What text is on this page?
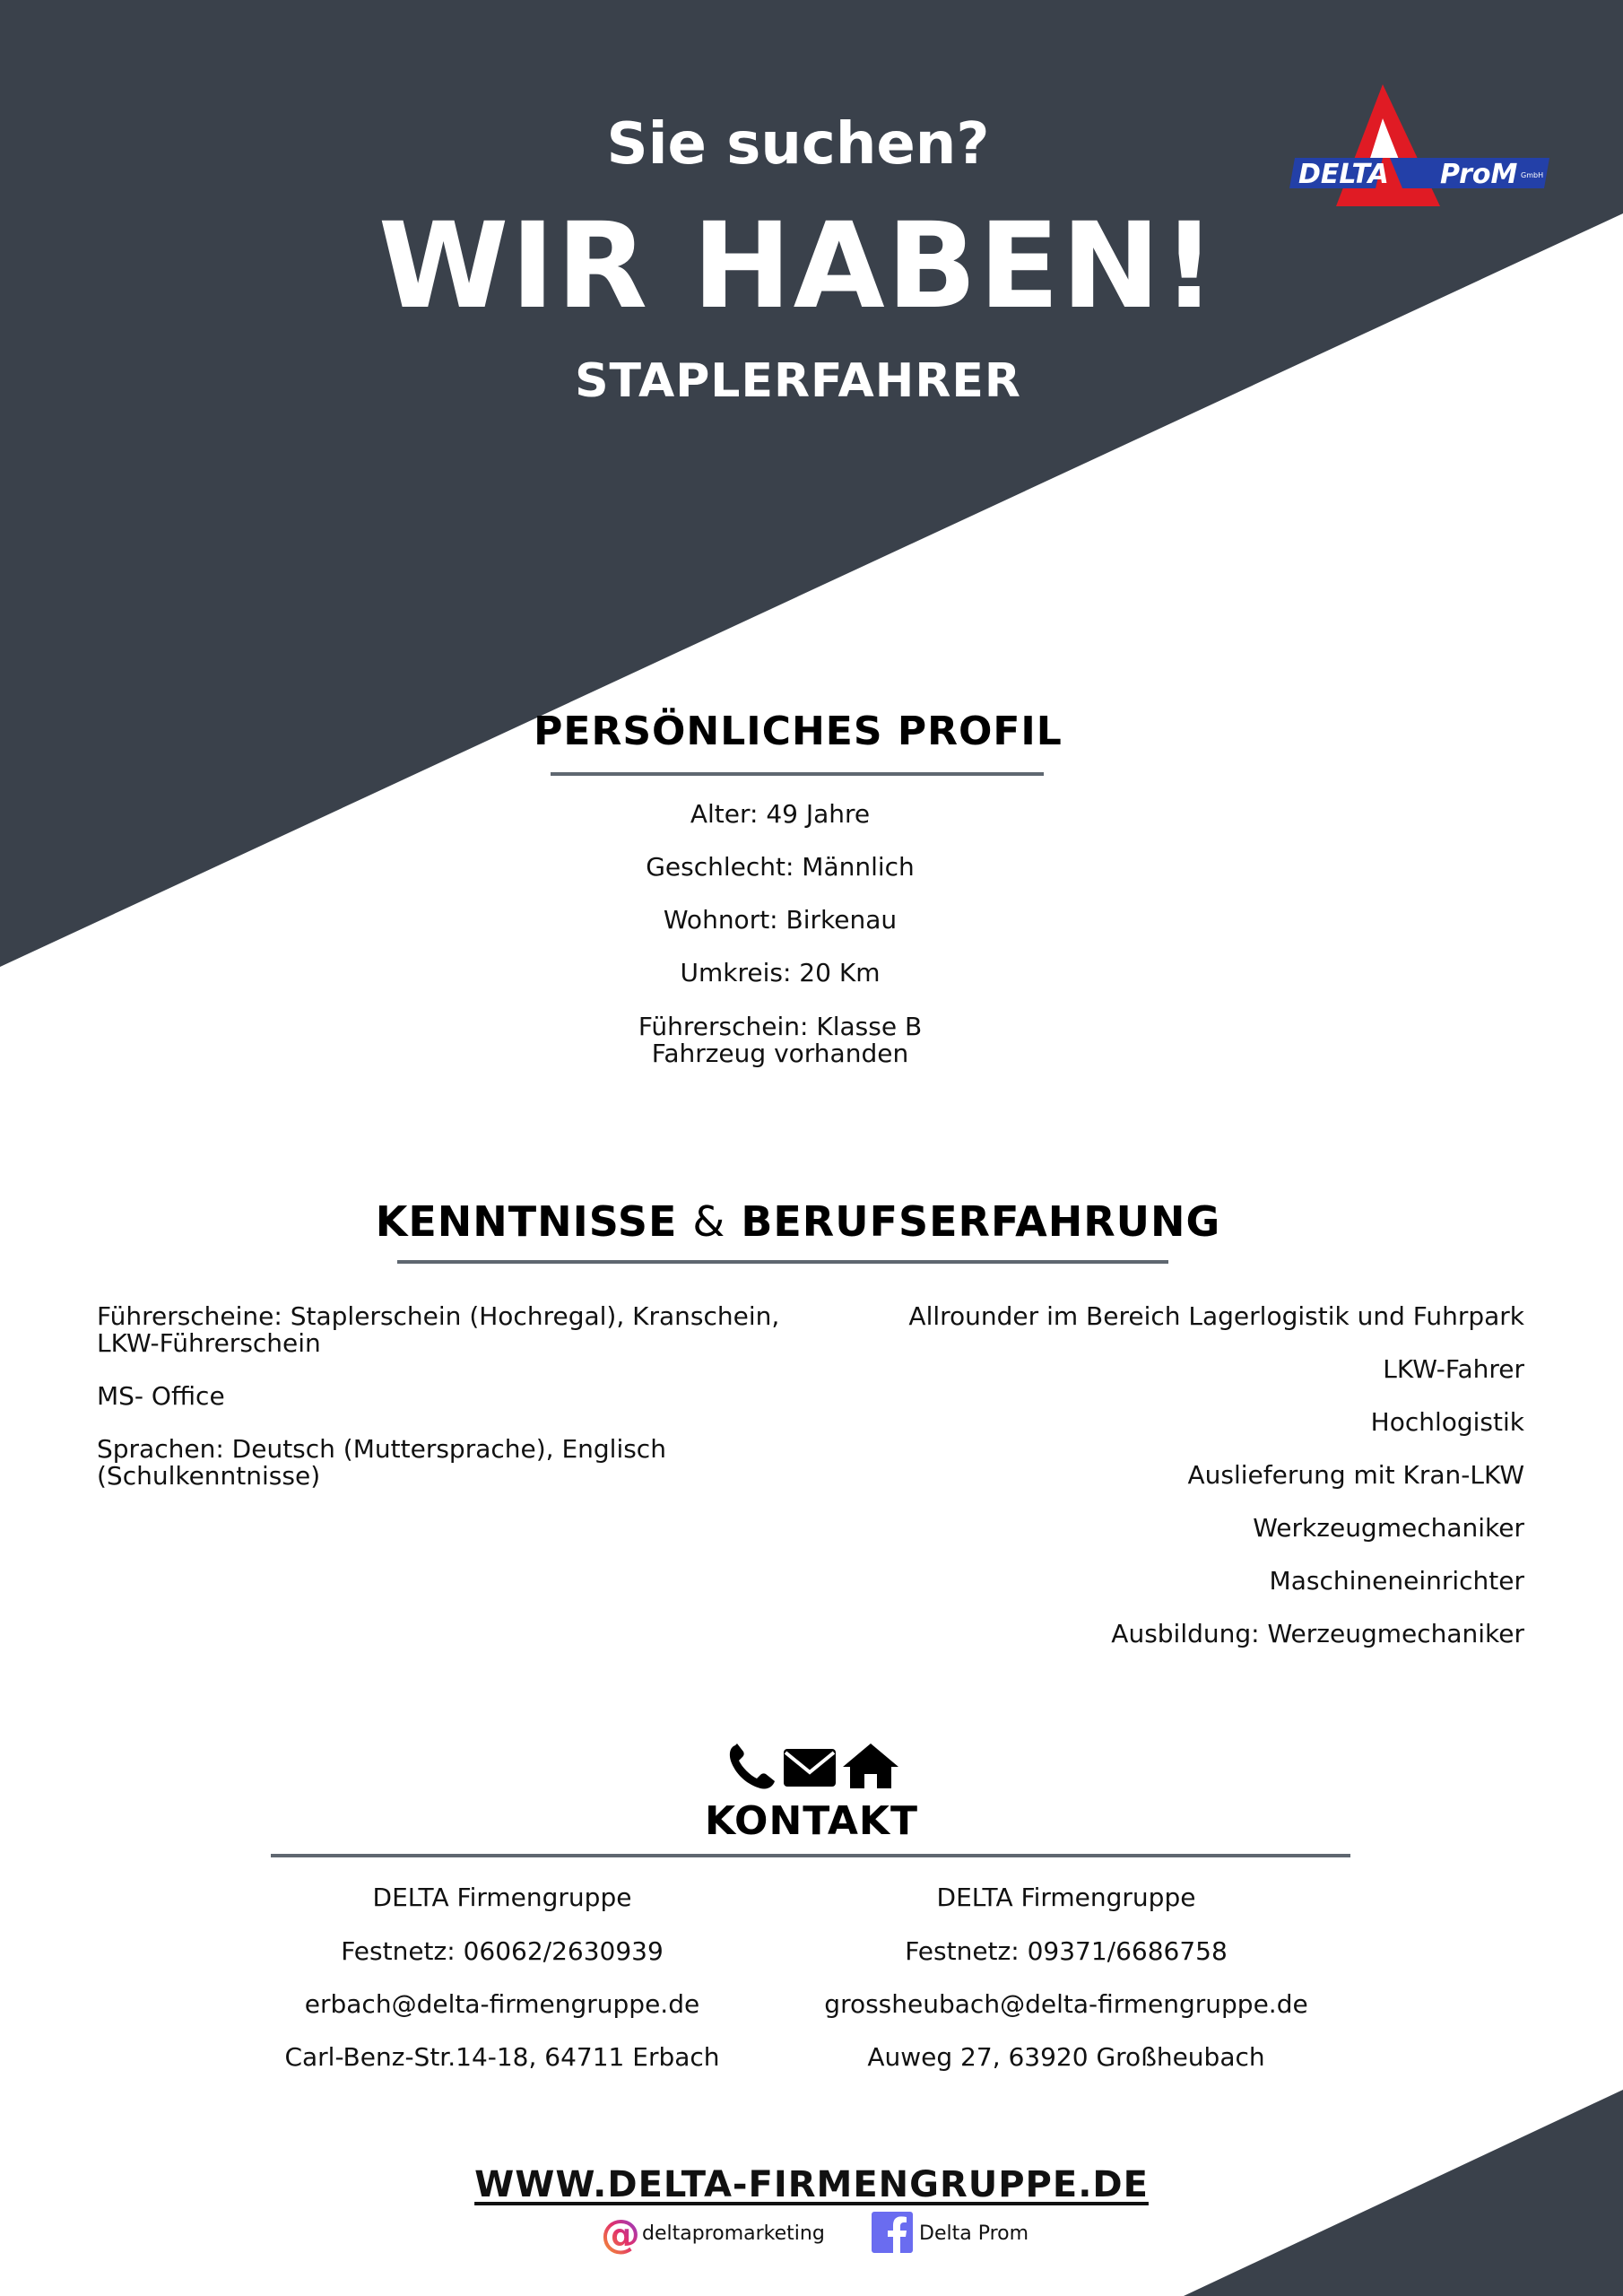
Sie suchen?
WIR HABEN!
STAPLERFAHRER
DELTA ProM GmbH
PERSÖNLICHES PROFIL
Alter: 49 Jahre
Geschlecht: Männlich
Wohnort: Birkenau
Umkreis: 20 Km
Führerschein: Klasse B
Fahrzeug vorhanden
KENNTNISSE & BERUFSERFAHRUNG
Führerscheine: Staplerschein (Hochregal), Kranschein,
LKW-Führerschein
MS- Office
Sprachen: Deutsch (Muttersprache), Englisch
(Schulkenntnisse)
Allrounder im Bereich Lagerlogistik und Fuhrpark
LKW-Fahrer
Hochlogistik
Auslieferung mit Kran-LKW
Werkzeugmechaniker
Maschineneinrichter
Ausbildung: Werzeugmechaniker
KONTAKT
DELTA Firmengruppe
Festnetz: 06062/2630939
erbach@delta-firmengruppe.de
Carl-Benz-Str.14-18, 64711 Erbach
DELTA Firmengruppe
Festnetz: 09371/6686758
grossheubach@delta-firmengruppe.de
Auweg 27, 63920 Großheubach
WWW.DELTA-FIRMENGRUPPE.DE
@ deltapromarketing	Delta Prom
